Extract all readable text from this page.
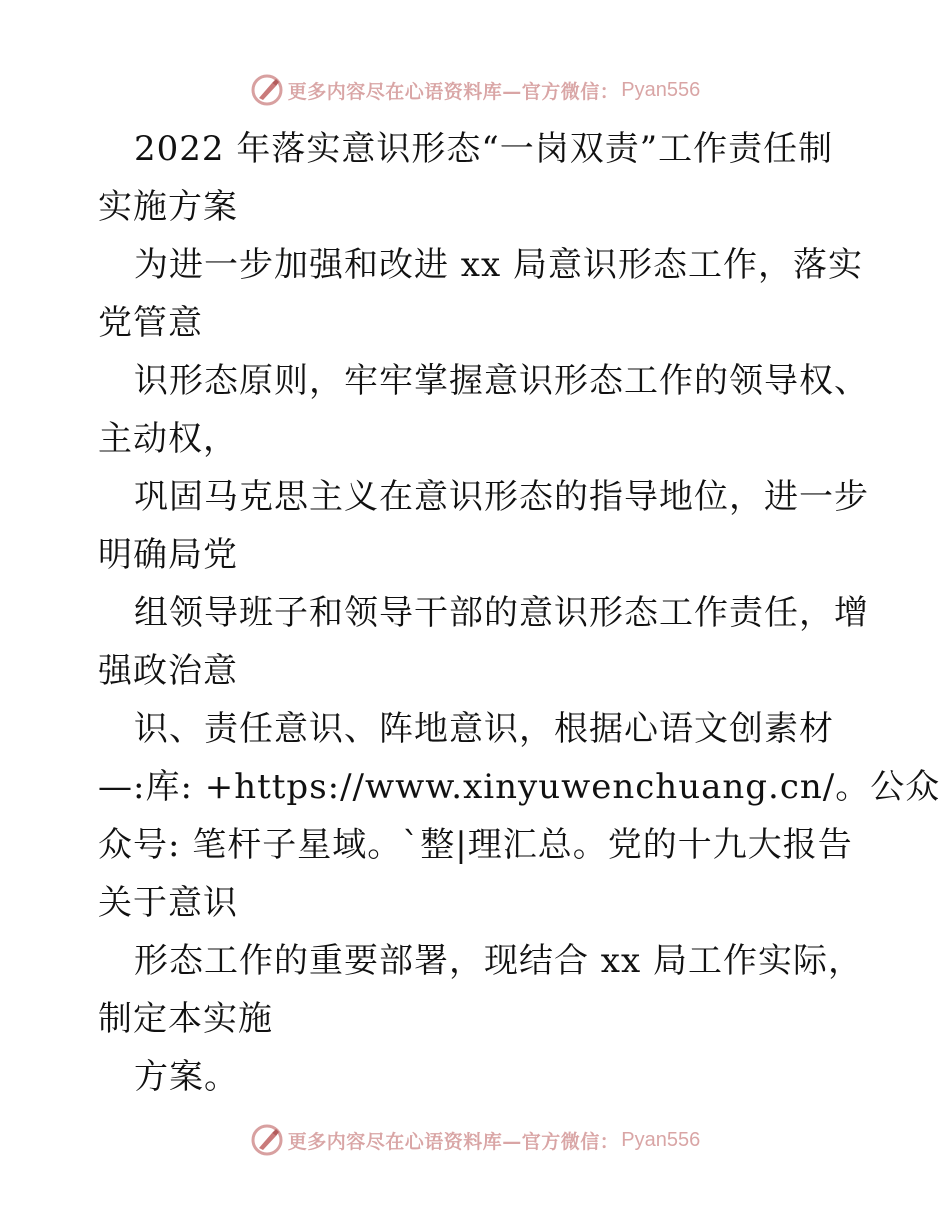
更多内容尽在心语资料库—官方微信： Pyan556
2022 年落实意识形态“一岗双责”工作责任制
实施方案
为进一步加强和改进 xx 局意识形态工作，落实
党管意
识形态原则，牢牢掌握意识形态工作的领导权、
主动权，
巩固马克思主义在意识形态的指导地位，进一步
明确局党
组领导班子和领导干部的意识形态工作责任，增
强政治意
识、责任意识、阵地意识，根据心语文创素材
—:库: +https://www.xinyuwenchuang.cn/。公众
众号: 笔杆子星域。`整|理汇总。党的十九大报告
关于意识
形态工作的重要部署，现结合 xx 局工作实际，
制定本实施
方案。
更多内容尽在心语资料库—官方微信： Pyan556
